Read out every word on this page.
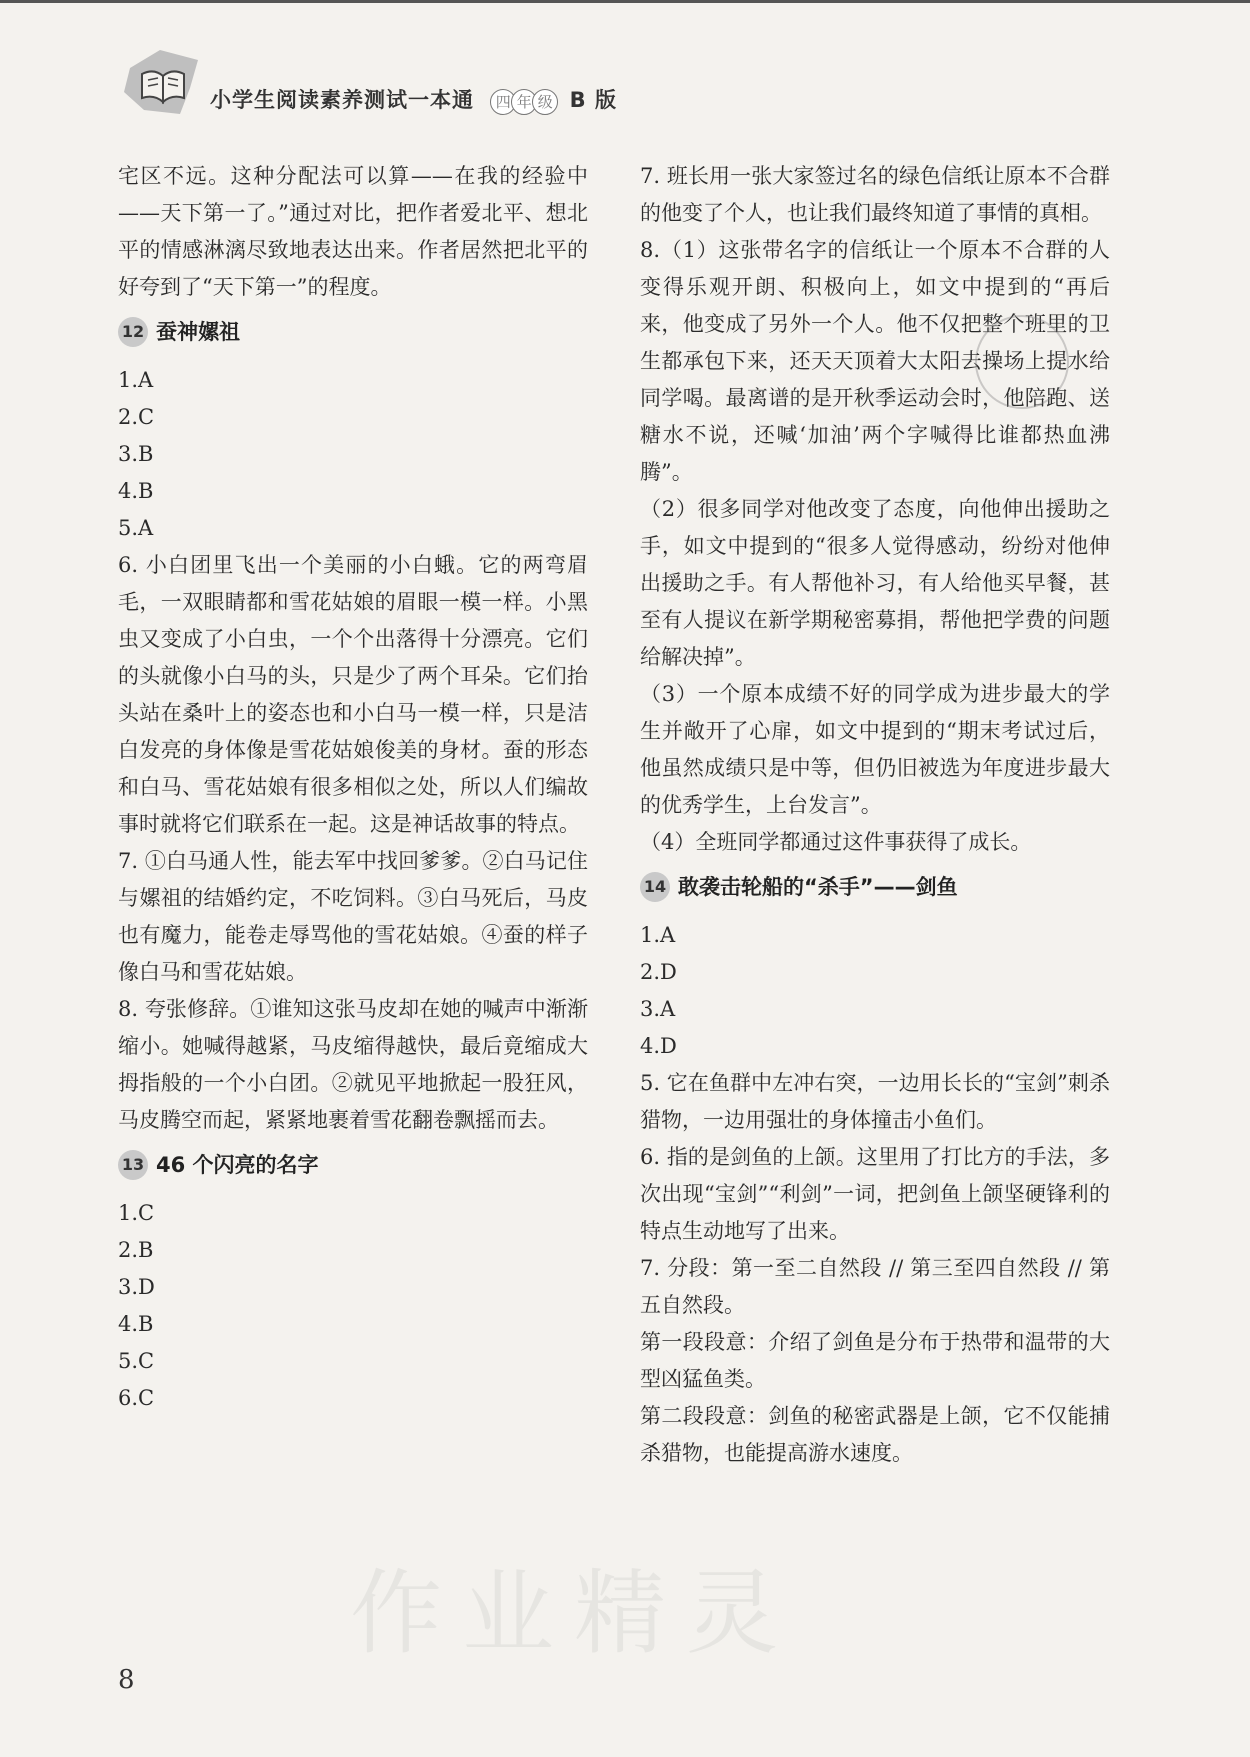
小学生阅读素养测试一本通 四 年 级 B 版

宅区不远。这种分配法可以算——在我的经验中——天下第一了。”通过对比，把作者爱北平、想北平的情感淋漓尽致地表达出来。作者居然把北平的好夸到了“天下第一”的程度。

12 蚕神嫘祖

1.A

2.C

3.B

4.B

5.A

6. 小白团里飞出一个美丽的小白蛾。它的两弯眉毛，一双眼睛都和雪花姑娘的眉眼一模一样。小黑虫又变成了小白虫，一个个出落得十分漂亮。它们的头就像小白马的头，只是少了两个耳朵。它们抬头站在桑叶上的姿态也和小白马一模一样，只是洁白发亮的身体像是雪花姑娘俊美的身材。蚕的形态和白马、雪花姑娘有很多相似之处，所以人们编故事时就将它们联系在一起。这是神话故事的特点。

7. ①白马通人性，能去军中找回爹爹。②白马记住与嫘祖的结婚约定，不吃饲料。③白马死后，马皮也有魔力，能卷走辱骂他的雪花姑娘。④蚕的样子像白马和雪花姑娘。

8. 夸张修辞。①谁知这张马皮却在她的喊声中渐渐缩小。她喊得越紧，马皮缩得越快，最后竟缩成大拇指般的一个小白团。②就见平地掀起一股狂风，马皮腾空而起，紧紧地裹着雪花翻卷飘摇而去。

13 46 个闪亮的名字

1.C

2.B

3.D

4.B

5.C

6.C

7. 班长用一张大家签过名的绿色信纸让原本不合群的他变了个人，也让我们最终知道了事情的真相。

8.（1）这张带名字的信纸让一个原本不合群的人变得乐观开朗、积极向上，如文中提到的“再后来，他变成了另外一个人。他不仅把整个班里的卫生都承包下来，还天天顶着大太阳去操场上提水给同学喝。最离谱的是开秋季运动会时，他陪跑、送糖水不说，还喊‘加油’两个字喊得比谁都热血沸腾”。

（2）很多同学对他改变了态度，向他伸出援助之手，如文中提到的“很多人觉得感动，纷纷对他伸出援助之手。有人帮他补习，有人给他买早餐，甚至有人提议在新学期秘密募捐，帮他把学费的问题给解决掉”。

（3）一个原本成绩不好的同学成为进步最大的学生并敞开了心扉，如文中提到的“期末考试过后，他虽然成绩只是中等，但仍旧被选为年度进步最大的优秀学生，上台发言”。

（4）全班同学都通过这件事获得了成长。

14 敢袭击轮船的“杀手”——剑鱼

1.A

2.D

3.A

4.D

5. 它在鱼群中左冲右突，一边用长长的“宝剑”刺杀猎物，一边用强壮的身体撞击小鱼们。

6. 指的是剑鱼的上颌。这里用了打比方的手法，多次出现“宝剑”“利剑”一词，把剑鱼上颌坚硬锋利的特点生动地写了出来。

7. 分段：第一至二自然段 // 第三至四自然段 // 第五自然段。

第一段段意：介绍了剑鱼是分布于热带和温带的大型凶猛鱼类。

第二段段意：剑鱼的秘密武器是上颌，它不仅能捕杀猎物，也能提高游水速度。

作业精灵
8
